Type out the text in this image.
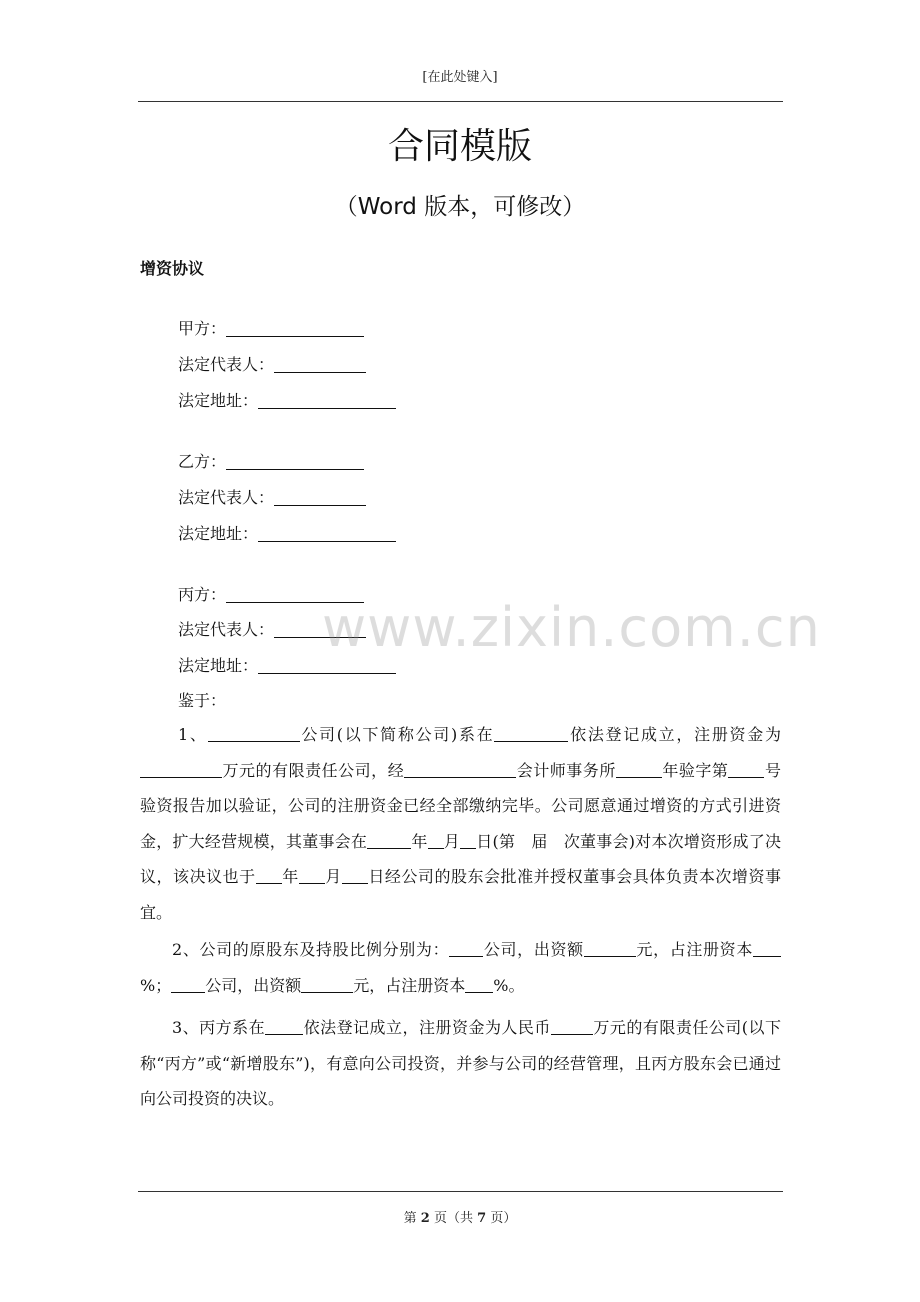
[在此处键入]
合同模版
（Word 版本，可修改）
增资协议
甲方：
法定代表人：
法定地址：
乙方：
法定代表人：
法定地址：
丙方：
法定代表人：
法定地址：
鉴于：
1、	公司(以下简称公司)系在	依法登记成立，注册资金为万元的有限责任公司，经	会计师事务所	年验字第 号验资报告加以验证，公司的注册资金已经全部缴纳完毕。公司愿意通过增资的方式引进资金，扩大经营规模，其董事会在	年 月 日(第　届　次董事会)对本次增资形成了决议，该决议也于 年 月 日经公司的股东会批准并授权董事会具体负责本次增资事宜。
2、公司的原股东及持股比例分别为： 公司，出资额	元，占注册资本%； 公司，出资额	元，占注册资本 %。
3、丙方系在 依法登记成立，注册资金为人民币	万元的有限责任公司(以下称“丙方”或“新增股东”)，有意向公司投资，并参与公司的经营管理，且丙方股东会已通过向公司投资的决议。
www.zixin.com.cn
第 2 页（共 7 页）
